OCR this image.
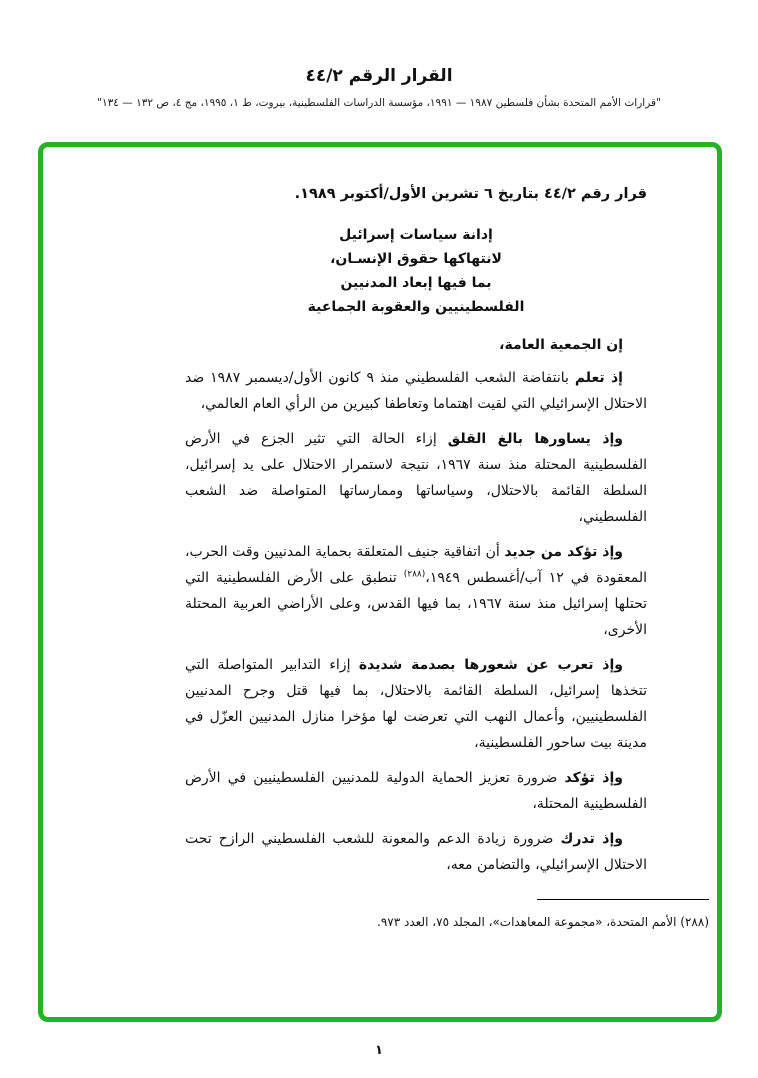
القرار الرقم ٤٤/٢
"قرارات الأمم المتحدة بشأن فلسطين ١٩٨٧ — ١٩٩١، مؤسسة الدراسات الفلسطينية، بيروت، ط ١، ١٩٩٥، مج ٤، ص ١٣٢ — ١٣٤"

قرار رقم ٤٤/٢ بتاريخ ٦ تشرين الأول/أكتوبر ١٩٨٩.

إدانة سياسات إسرائيل
لانتهاكها حقوق الإنسـان،
بما فيها إبعاد المدنيين
الفلسطينيين والعقوبة الجماعية

إن الجمعية العامة،

إذ تعلم بانتفاضة الشعب الفلسطيني منذ ٩ كانون الأول/ديسمبر ١٩٨٧ ضد الاحتلال الإسرائيلي التي لقيت اهتماما وتعاطفا كبيرين من الرأي العام العالمي،

وإذ يساورها بالغ القلق إزاء الحالة التي تثير الجزع في الأرض الفلسطينية المحتلة منذ سنة ١٩٦٧، نتيجة لاستمرار الاحتلال على يد إسرائيل، السلطة القائمة بالاحتلال، وسياساتها وممارساتها المتواصلة ضد الشعب الفلسطيني،

وإذ تؤكد من جديد أن اتفاقية جنيف المتعلقة بحماية المدنيين وقت الحرب، المعقودة في ١٢ آب/أغسطس ١٩٤٩،$^{(٢٨٨)}$ تنطبق على الأرض الفلسطينية التي تحتلها إسرائيل منذ سنة ١٩٦٧، بما فيها القدس، وعلى الأراضي العربية المحتلة الأخرى،

وإذ تعرب عن شعورها بصدمة شديدة إزاء التدابير المتواصلة التي تتخذها إسرائيل، السلطة القائمة بالاحتلال، بما فيها قتل وجرح المدنيين الفلسطينيين، وأعمال النهب التي تعرضت لها مؤخرا منازل المدنيين العزّل في مدينة بيت ساحور الفلسطينية،

وإذ تؤكد ضرورة تعزيز الحماية الدولية للمدنيين الفلسطينيين في الأرض الفلسطينية المحتلة،

وإذ تدرك ضرورة زيادة الدعم والمعونة للشعب الفلسطيني الرازح تحت الاحتلال الإسرائيلي، والتضامن معه،

(٢٨٨) الأمم المتحدة، «مجموعة المعاهدات»، المجلد ٧٥، العدد ٩٧٣.

١
